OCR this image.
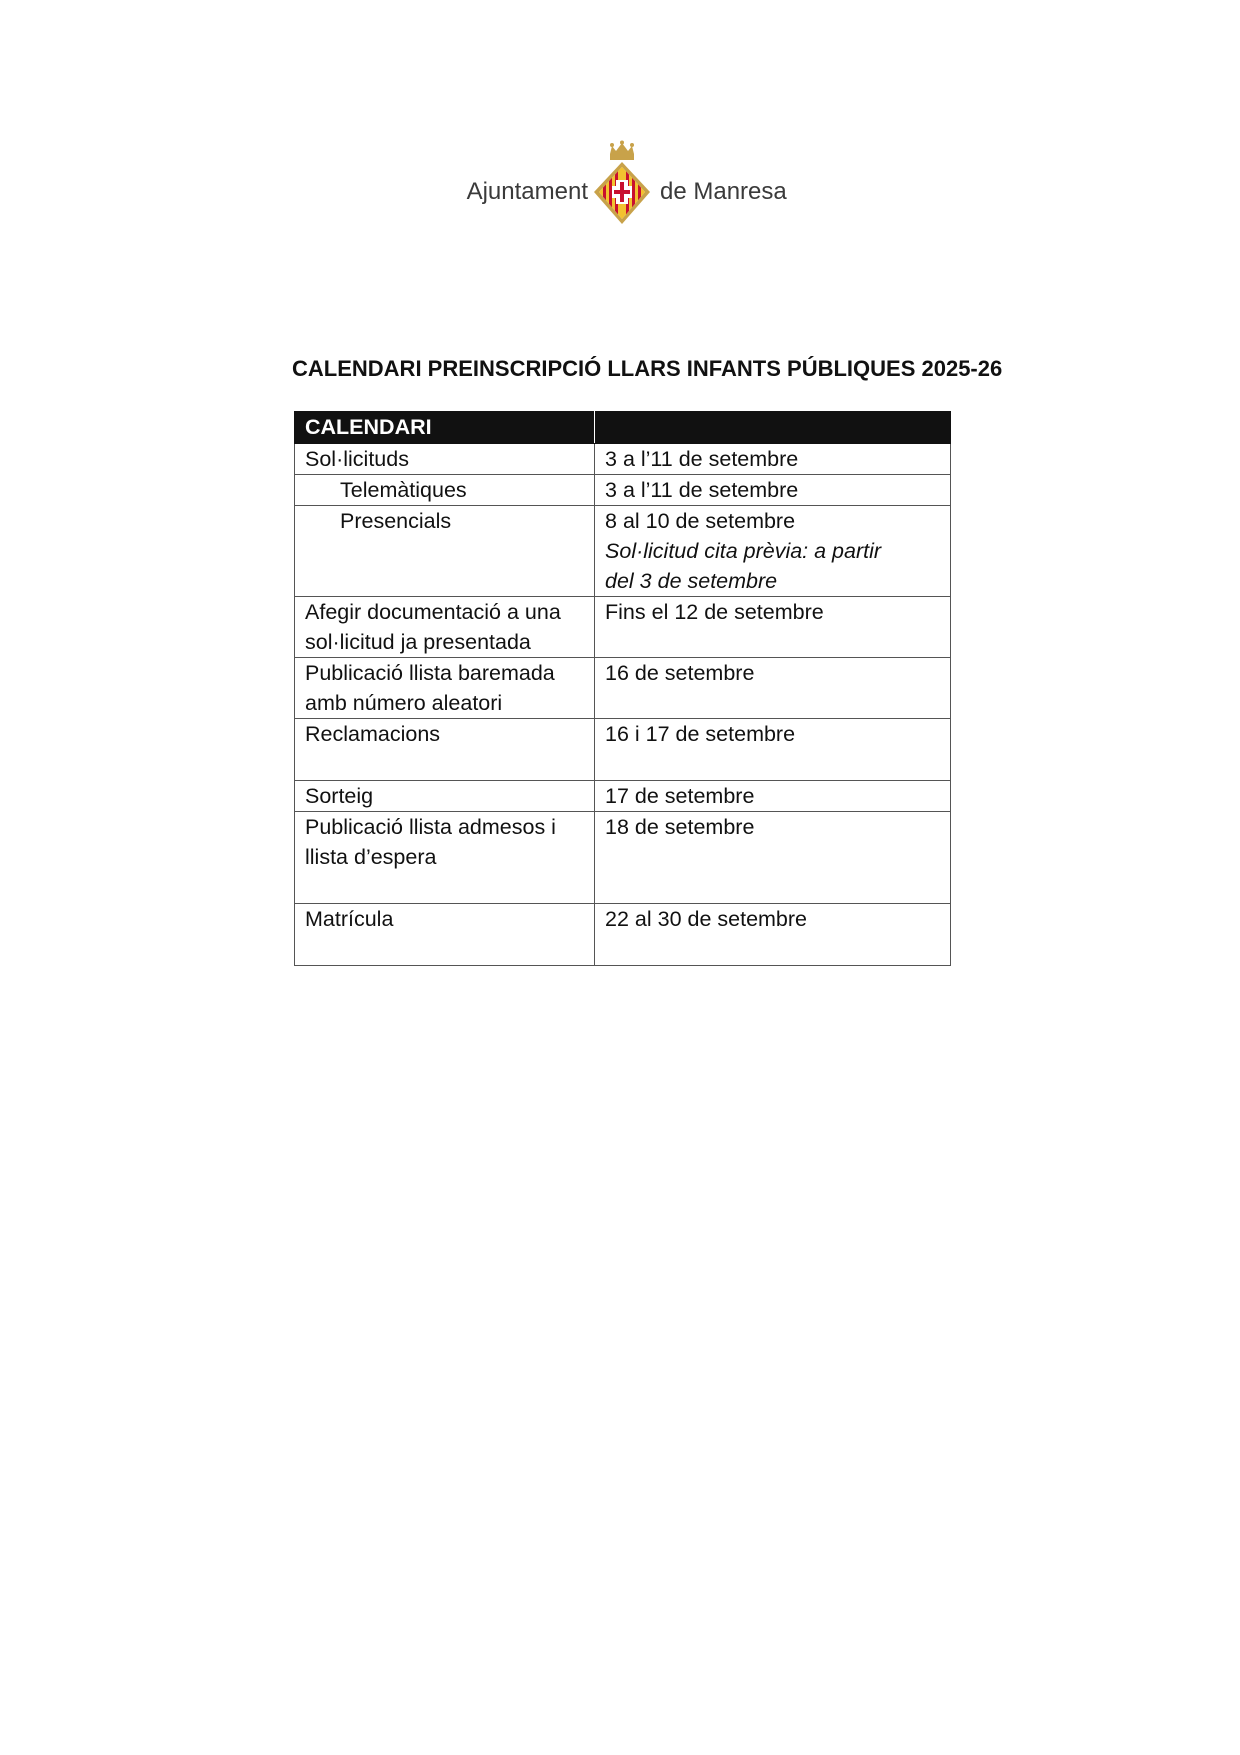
Ajuntament	de Manresa
CALENDARI PREINSCRIPCIÓ LLARS INFANTS PÚBLIQUES 2025-26
CALENDARI	
Sol·licituds	3 a l’11 de setembre
Telemàtiques	3 a l’11 de setembre
Presencials	8 al 10 de setembre
Sol·licitud cita prèvia: a partir
del 3 de setembre

Afegir documentació a una
sol·licitud ja presentada	Fins el 12 de setembre

Publicació llista baremada
amb número aleatori	16 de setembre
Reclamacions	16 i 17 de setembre
Sorteig	17 de setembre

Publicació llista admesos i
llista d’espera	18 de setembre
Matrícula	22 al 30 de setembre
